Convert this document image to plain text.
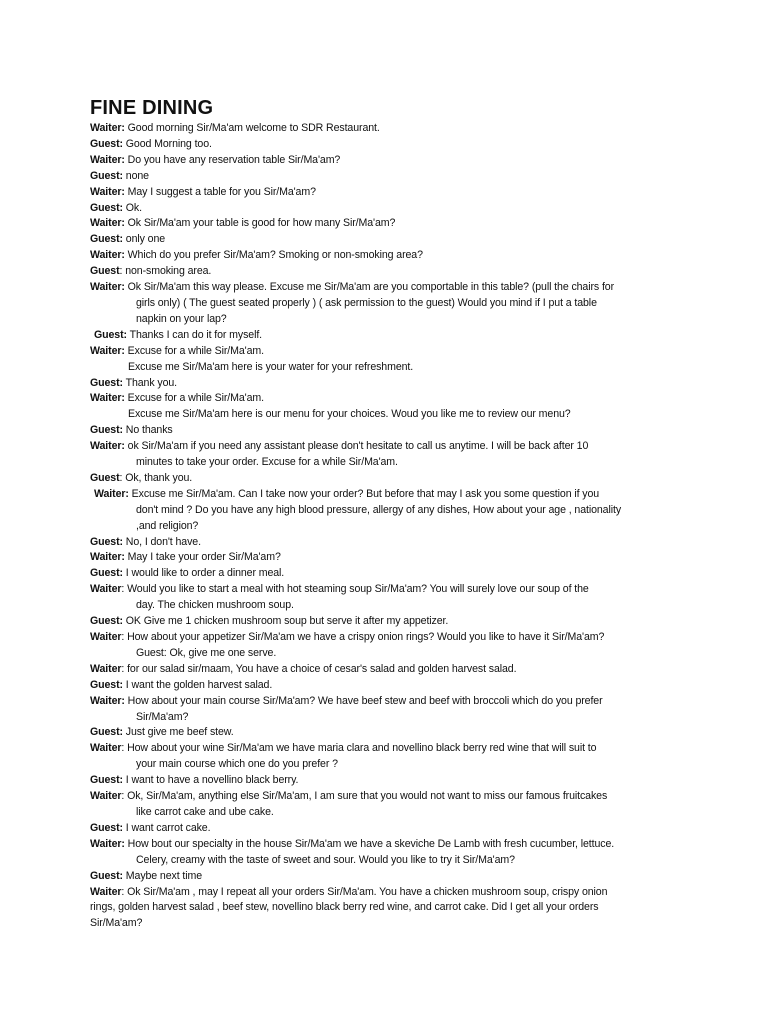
FINE DINING
Waiter: Good morning Sir/Ma'am welcome to SDR Restaurant.
Guest: Good Morning too.
Waiter: Do you have any reservation table Sir/Ma'am?
Guest: none
Waiter: May I suggest a table for you Sir/Ma'am?
Guest: Ok.
Waiter: Ok Sir/Ma'am your table is good for how many Sir/Ma'am?
Guest: only one
Waiter: Which do you prefer Sir/Ma'am? Smoking or non-smoking area?
Guest: non-smoking area.
Waiter: Ok Sir/Ma'am this way please. Excuse me Sir/Ma'am are you comportable in this table? (pull the chairs for
girls only) ( The guest seated properly ) ( ask permission to the guest) Would you mind if I put a table
napkin on your lap?
Guest: Thanks I can do it for myself.
Waiter: Excuse for a while Sir/Ma'am.
Excuse me Sir/Ma'am here is your water for your refreshment.
Guest: Thank you.
Waiter: Excuse for a while Sir/Ma'am.
Excuse me Sir/Ma'am here is our menu for your choices. Woud you like me to review our menu?
Guest: No thanks
Waiter: ok Sir/Ma'am if you need any assistant please don't hesitate to call us anytime. I will be back after 10
minutes to take your order. Excuse for a while Sir/Ma'am.
Guest: Ok, thank you.
Waiter: Excuse me Sir/Ma'am. Can I take now your order? But before that may I ask you some question if you
don't mind ? Do you have any high blood pressure, allergy of any dishes, How about your age , nationality
,and religion?
Guest: No, I don't have.
Waiter: May I take your order Sir/Ma'am?
Guest: I would like to order a dinner meal.
Waiter: Would you like to start a meal with hot steaming soup Sir/Ma'am? You will surely love our soup of the
day. The chicken mushroom soup.
Guest: OK Give me 1 chicken mushroom soup but serve it after my appetizer.
Waiter: How about your appetizer Sir/Ma'am we have a crispy onion rings? Would you like to have it Sir/Ma'am?
Guest: Ok, give me one serve.
Waiter: for our salad sir/maam, You have a choice of cesar's salad and golden harvest salad.
Guest: I want the golden harvest salad.
Waiter: How about your main course Sir/Ma'am? We have beef stew and beef with broccoli which do you prefer
Sir/Ma'am?
Guest: Just give me beef stew.
Waiter: How about your wine Sir/Ma'am we have maria clara and novellino black berry red wine that will suit to
your main course which one do you prefer ?
Guest: I want to have a novellino black berry.
Waiter: Ok, Sir/Ma'am, anything else Sir/Ma'am, I am sure that you would not want to miss our famous fruitcakes
like carrot cake and ube cake.
Guest: I want carrot cake.
Waiter: How bout our specialty in the house Sir/Ma'am we have a skeviche De Lamb with fresh cucumber, lettuce.
Celery, creamy with the taste of sweet and sour. Would you like to try it Sir/Ma'am?
Guest: Maybe next time
Waiter: Ok Sir/Ma'am , may I repeat all your orders Sir/Ma'am. You have a chicken mushroom soup, crispy onion
rings, golden harvest salad , beef stew, novellino black berry red wine, and carrot cake. Did I get all your orders
Sir/Ma'am?
